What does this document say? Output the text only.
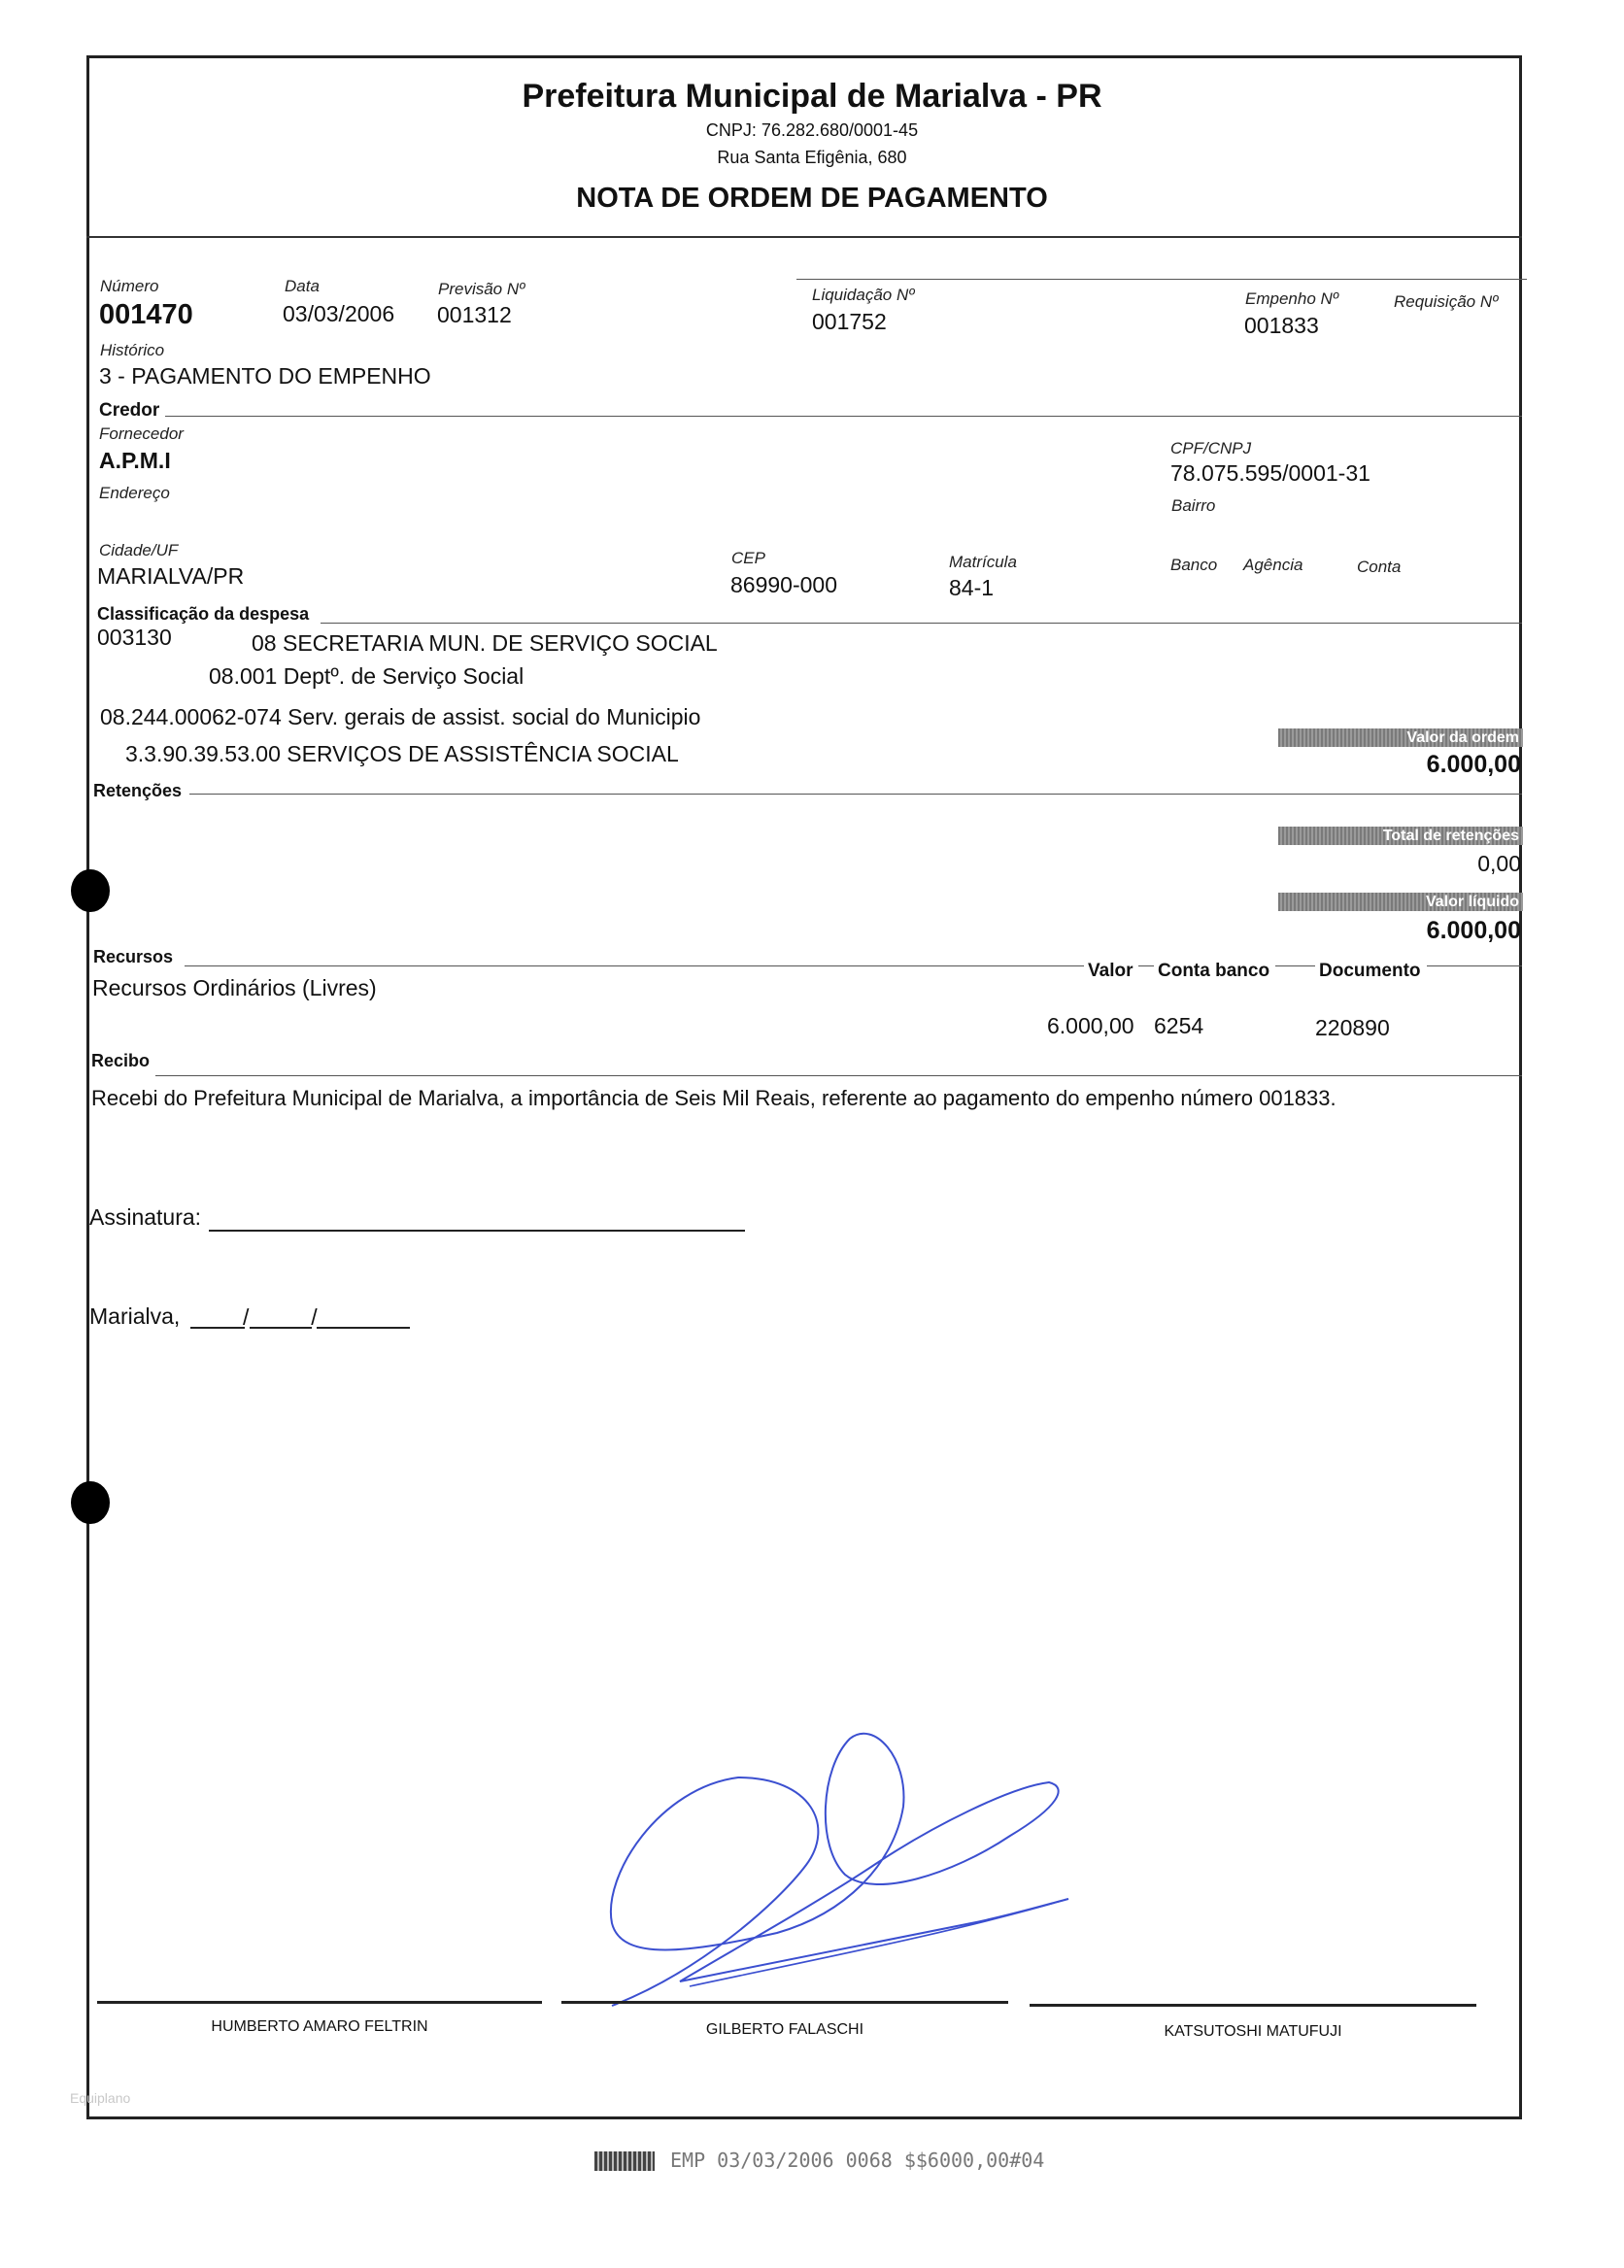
Prefeitura Municipal de Marialva - PR
CNPJ: 76.282.680/0001-45
Rua Santa Efigênia, 680
NOTA DE ORDEM DE PAGAMENTO
Número
001470
Data
03/03/2006
Previsão Nº
001312
Liquidação Nº
001752
Empenho Nº
001833
Requisição Nº
Histórico
3 - PAGAMENTO DO EMPENHO
Credor
Fornecedor
A.P.M.I	CPF/CNPJ
78.075.595/0001-31
Endereço
Bairro
Cidade/UF
MARIALVA/PR
CEP
86990-000
Matrícula
84-1
Banco Agência	Conta
Classificação da despesa
003130	08 SECRETARIA MUN. DE SERVIÇO SOCIAL
08.001 Deptº. de Serviço Social
08.244.00062-074 Serv. gerais de assist. social do Municipio
3.3.90.39.53.00 SERVIÇOS DE ASSISTÊNCIA SOCIAL
Valor da ordem
6.000,00
Retenções
Total de retenções
0,00
Valor líquido
6.000,00
Recursos
Valor	Conta banco	Documento
Recursos Ordinários (Livres)
6.000,00 6254	220890
Recibo
Recebi do Prefeitura Municipal de Marialva, a importância de Seis Mil Reais, referente ao pagamento do empenho número 001833.
Assinatura:
Marialva,	/          /
HUMBERTO AMARO FELTRIN	GILBERTO FALASCHI	KATSUTOSHI MATUFUJI
Equiplano
EMP 03/03/2006 0068 $$6000,00#04
